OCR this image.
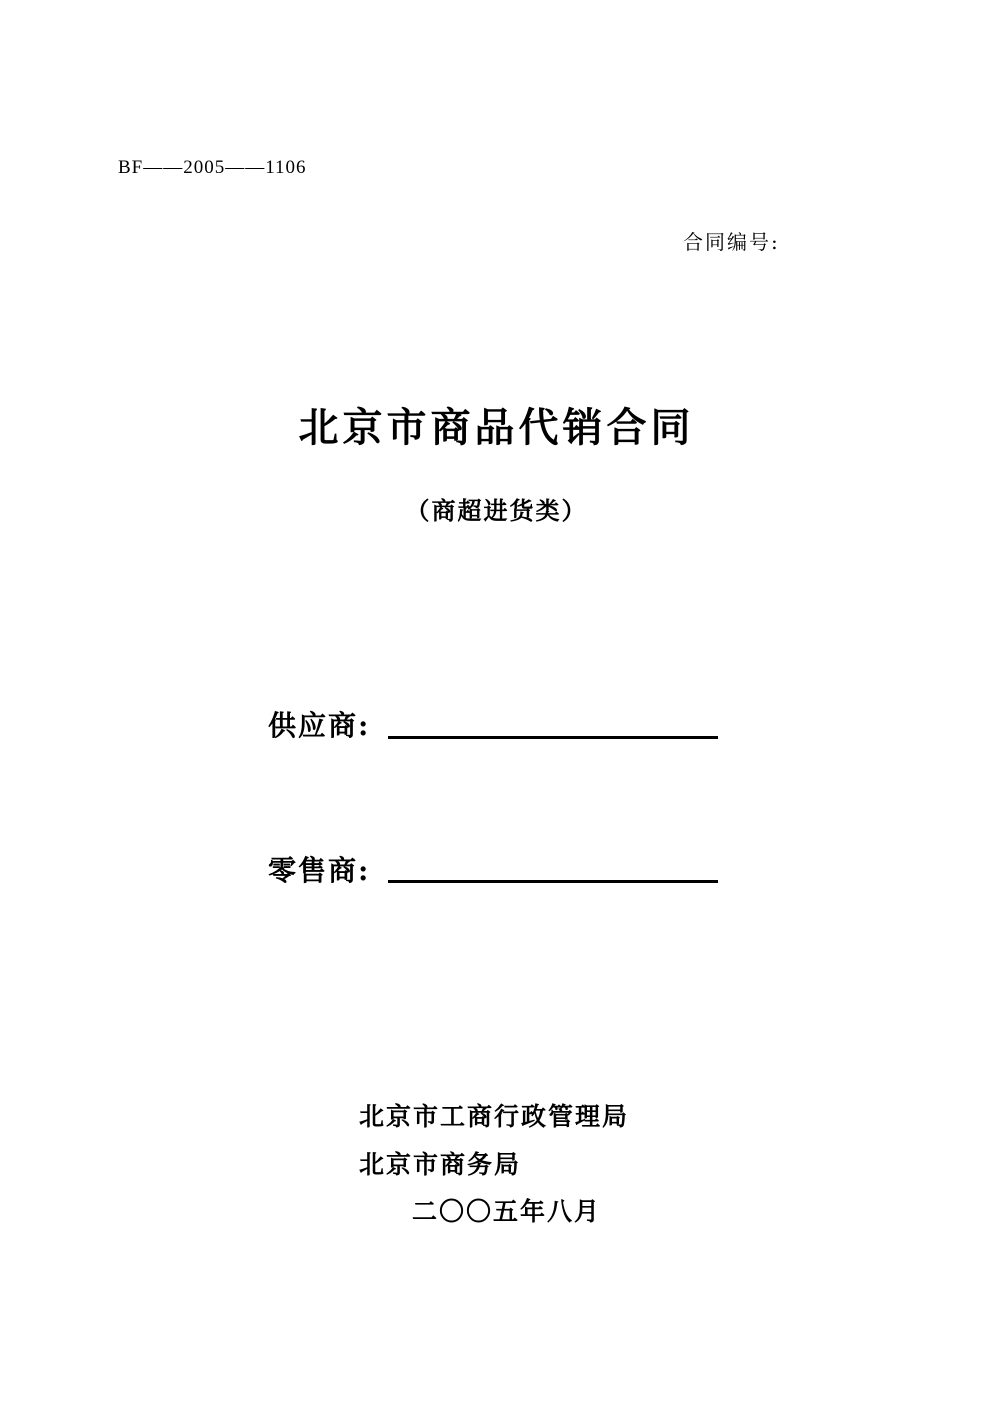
BF——2005——1106
合同编号:
北京市商品代销合同
（商超进货类）
供应商:
零售商:
北京市工商行政管理局
北京市商务局
二〇〇五年八月
